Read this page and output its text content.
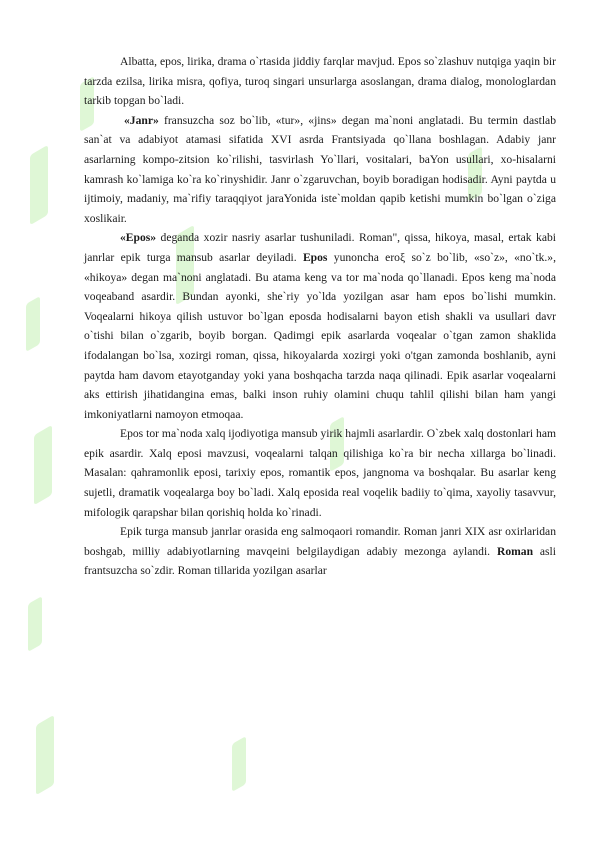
Albatta, epos, lirika, drama o`rtasida jiddiy farqlar mavjud. Epos so`zlashuv nutqiga yaqin bir tarzda ezilsa, lirika misra, qofiya, turoq singari unsurlarga asoslangan, drama dialog, monologlardan tarkib topgan bo`ladi.

«Janr» fransuzcha soz bo`lib, «tur», «jins» degan ma`noni anglatadi. Bu termin dastlab san`at va adabiyot atamasi sifatida XVI asrda Frantsiyada qo`llana boshlagan. Adabiy janr asarlarning kompo-zitsion ko`rilishi, tasvirlash Yo`llari, vositalari, baYon usullari, xo-hisalarni kamrash ko`lamiga ko`ra ko`rinyshidir. Janr o`zgaruvchan, boyib boradigan hodisadir. Ayni paytda u ijtimoiy, madaniy, ma`rifiy taraqqiyot jaraYonida iste`moldan qapib ketishi mumkin bo`lgan o`ziga xoslikair.

«Epos» deganda xozir nasriy asarlar tushuniladi. Roman", qissa, hikoya, masal, ertak kabi janrlar epik turga mansub asarlar deyiladi. Epos yunoncha eroξ so`z bo`lib, «so`z», «no`tk.», «hikoya» degan ma`noni anglatadi. Bu atama keng va tor ma`noda qo`llanadi. Epos keng ma`noda voqeaband asardir. Bundan ayonki, she`riy yo`lda yozilgan asar ham epos bo`lishi mumkin. Voqealarni hikoya qilish ustuvor bo`lgan eposda hodisalarni bayon etish shakli va usullari davr o`tishi bilan o`zgarib, boyib borgan. Qadimgi epik asarlarda voqealar o`tgan zamon shaklida ifodalangan bo`lsa, xozirgi roman, qissa, hikoyalarda xozirgi yoki o'tgan zamonda boshlanib, ayni paytda ham davom etayotganday yoki yana boshqacha tarzda naqa qilinadi. Epik asarlar voqealarni aks ettirish jihatidangina emas, balki inson ruhiy olamini chuqu tahlil qilishi bilan ham yangi imkoniyatlarni namoyon etmoqaa.

Epos tor ma`noda xalq ijodiyotiga mansub yirik hajmli asarlardir. O`zbek xalq dostonlari ham epik asardir. Xalq eposi mavzusi, voqealarni talqan qilishiga ko`ra bir necha xillarga bo`linadi. Masalan: qahramonlik eposi, tarixiy epos, romantik epos, jangnoma va boshqalar. Bu asarlar keng sujetli, dramatik voqealarga boy bo`ladi. Xalq eposida real voqelik badiiy to`qima, xayoliy tasavvur, mifologik qarapshar bilan qorishiq holda ko`rinadi.

Epik turga mansub janrlar orasida eng salmoqaori romandir. Roman janri XIX asr oxirlaridan boshgab, milliy adabiyotlarning mavqeini belgilaydigan adabiy mezonga aylandi. Roman asli frantsuzcha so`zdir. Roman tillarida yozilgan asarlar
